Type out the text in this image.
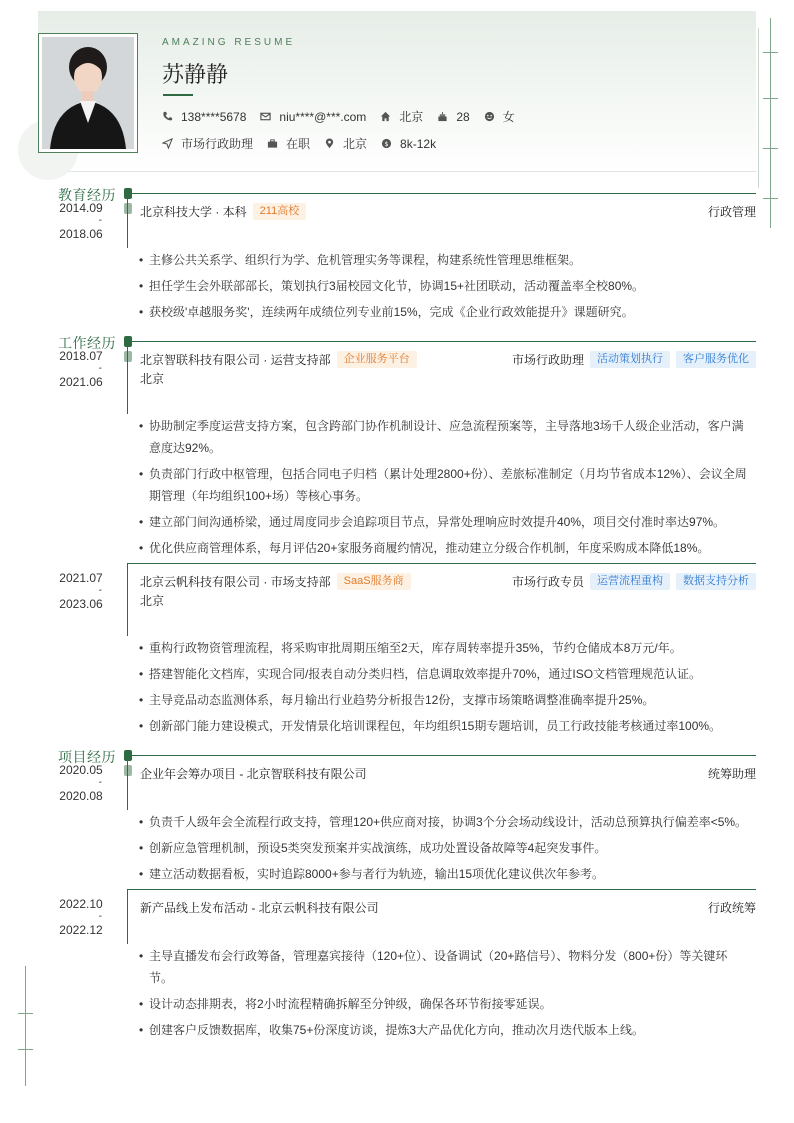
AMAZING RESUME
苏静静
138****5678	niu****@***.com	北京	28	女
市场行政助理	在职	北京 $ 8k-12k
教育经历
2014.09
-
2018.06
北京科技大学 · 本科	211高校	行政管理
• 主修公共关系学、组织行为学、危机管理实务等课程，构建系统性管理思维框架。
• 担任学生会外联部部长，策划执行3届校园文化节，协调15+社团联动，活动覆盖率全校80%。
• 获校级'卓越服务奖'，连续两年成绩位列专业前15%，完成《企业行政效能提升》课题研究。
工作经历
2018.07
-
2021.06
北京智联科技有限公司 · 运营支持部	企业服务平台	市场行政助理	活动策划执行	客户服务优化
北京
• 协助制定季度运营支持方案，包含跨部门协作机制设计、应急流程预案等，主导落地3场千人级企业活动，客户满意度达92%。
• 负责部门行政中枢管理，包括合同电子归档（累计处理2800+份）、差旅标准制定（月均节省成本12%）、会议全周期管理（年均组织100+场）等核心事务。
• 建立部门间沟通桥梁，通过周度同步会追踪项目节点，异常处理响应时效提升40%，项目交付准时率达97%。
• 优化供应商管理体系，每月评估20+家服务商履约情况，推动建立分级合作机制，年度采购成本降低18%。
2021.07
-
2023.06
北京云帆科技有限公司 · 市场支持部	SaaS服务商	市场行政专员	运营流程重构	数据支持分析
北京
• 重构行政物资管理流程，将采购审批周期压缩至2天，库存周转率提升35%，节约仓储成本8万元/年。
• 搭建智能化文档库，实现合同/报表自动分类归档，信息调取效率提升70%，通过ISO文档管理规范认证。
• 主导竞品动态监测体系，每月输出行业趋势分析报告12份，支撑市场策略调整准确率提升25%。
• 创新部门能力建设模式，开发情景化培训课程包，年均组织15期专题培训，员工行政技能考核通过率100%。
项目经历
2020.05
-
2020.08
企业年会筹办项目 - 北京智联科技有限公司	统筹助理
• 负责千人级年会全流程行政支持，管理120+供应商对接，协调3个分会场动线设计，活动总预算执行偏差率<5%。
• 创新应急管理机制，预设5类突发预案并实战演练，成功处置设备故障等4起突发事件。
• 建立活动数据看板，实时追踪8000+参与者行为轨迹，输出15项优化建议供次年参考。
2022.10
-
2022.12
新产品线上发布活动 - 北京云帆科技有限公司	行政统筹
• 主导直播发布会行政筹备，管理嘉宾接待（120+位）、设备调试（20+路信号）、物料分发（800+份）等关键环节。
• 设计动态排期表，将2小时流程精确拆解至分钟级，确保各环节衔接零延误。
• 创建客户反馈数据库，收集75+份深度访谈，提炼3大产品优化方向，推动次月迭代版本上线。
